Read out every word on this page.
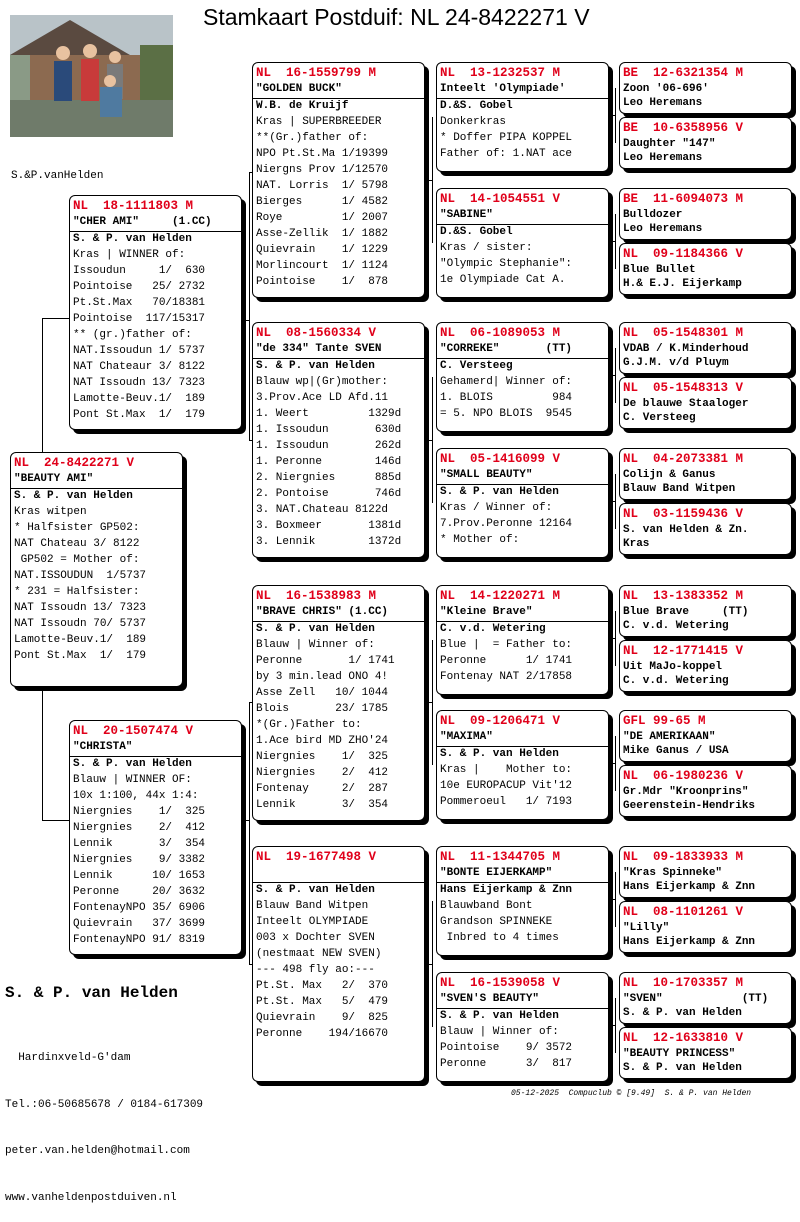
Stamkaart Postduif: NL 24-8422271 V
S.&P.vanHelden
NL  24-8422271 V
"BEAUTY AMI"
S. & P. van Helden
Kras witpen
* Halfsister GP502:
NAT Chateau 3/ 8122
GP502 = Mother of:
NAT.ISSOUDUN  1/5737
* 231 = Halfsister:
NAT Issoudn 13/ 7323
NAT Issoudn 70/ 5737
Lamotte-Beuv.1/  189
Pont St.Max  1/  179
NL  18-1111803 M
"CHER AMI"     (1.CC)
S. & P. van Helden
Kras | WINNER of:
Issoudun     1/  630
Pointoise   25/ 2732
Pt.St.Max   70/18381
Pointoise  117/15317
** (gr.)father of:
NAT.Issoudun 1/ 5737
NAT Chateaur 3/ 8122
NAT Issoudn 13/ 7323
Lamotte-Beuv.1/  189
Pont St.Max  1/  179
NL  20-1507474 V
"CHRISTA"
S. & P. van Helden
Blauw | WINNER OF:
10x 1:100, 44x 1:4:
Niergnies    1/  325
Niergnies    2/  412
Lennik       3/  354
Niergnies    9/ 3382
Lennik      10/ 1653
Peronne     20/ 3632
FontenayNPO 35/ 6906
Quievrain   37/ 3699
FontenayNPO 91/ 8319
NL  16-1559799 M
"GOLDEN BUCK"
W.B. de Kruijf
Kras | SUPERBREEDER
**(Gr.)father of:
NPO Pt.St.Ma 1/19399
Niergns Prov 1/12570
NAT. Lorris  1/ 5798
Bierges      1/ 4582
Roye         1/ 2007
Asse-Zellik  1/ 1882
Quievrain    1/ 1229
Morlincourt  1/ 1124
Pointoise    1/  878
NL  08-1560334 V
"de 334" Tante SVEN
S. & P. van Helden
Blauw wp|(Gr)mother:
3.Prov.Ace LD Afd.11
1. Weert         1329d
1. Issoudun       630d
1. Issoudun       262d
1. Peronne        146d
2. Niergnies      885d
2. Pontoise       746d
3. NAT.Chateau 8122d
3. Boxmeer       1381d
3. Lennik        1372d
NL  16-1538983 M
"BRAVE CHRIS" (1.CC)
S. & P. van Helden
Blauw | Winner of:
Peronne       1/ 1741
by 3 min.lead ONO 4!
Asse Zell   10/ 1044
Blois       23/ 1785
*(Gr.)Father to:
1.Ace bird MD ZHO'24
Niergnies    1/  325
Niergnies    2/  412
Fontenay     2/  287
Lennik       3/  354
NL  19-1677498 V
S. & P. van Helden
Blauw Band Witpen
Inteelt OLYMPIADE
003 x Dochter SVEN
(nestmaat NEW SVEN)
--- 498 fly ao:---
Pt.St. Max   2/  370
Pt.St. Max   5/  479
Quievrain    9/  825
Peronne    194/16670
NL  13-1232537 M
Inteelt 'Olympiade'
D.&S. Gobel
Donkerkras
* Doffer PIPA KOPPEL
Father of: 1.NAT ace
NL  14-1054551 V
"SABINE"
D.&S. Gobel
Kras / sister:
"Olympic Stephanie":
1e Olympiade Cat A.
NL  06-1089053 M
"CORREKE"       (TT)
C. Versteeg
Gehamerd| Winner of:
1. BLOIS         984
= 5. NPO BLOIS  9545
NL  05-1416099 V
"SMALL BEAUTY"
S. & P. van Helden
Kras / Winner of:
7.Prov.Peronne 12164
* Mother of:
NL  14-1220271 M
"Kleine Brave"
C. v.d. Wetering
Blue |  = Father to:
Peronne      1/ 1741
Fontenay NAT 2/17858
NL  09-1206471 V
"MAXIMA"
S. & P. van Helden
Kras |    Mother to:
10e EUROPACUP Vit'12
Pommeroeul   1/ 7193
NL  11-1344705 M
"BONTE EIJERKAMP"
Hans Eijerkamp & Znn
Blauwband Bont
Grandson SPINNEKE
Inbred to 4 times
NL  16-1539058 V
"SVEN'S BEAUTY"
S. & P. van Helden
Blauw | Winner of:
Pointoise    9/ 3572
Peronne      3/  817
BE  12-6321354 M
Zoon '06-696'
Leo Heremans
BE  10-6358956 V
Daughter "147"
Leo Heremans
BE  11-6094073 M
Bulldozer
Leo Heremans
NL  09-1184366 V
Blue Bullet
H.& E.J. Eijerkamp
NL  05-1548301 M
VDAB / K.Minderhoud
G.J.M. v/d Pluym
NL  05-1548313 V
De blauwe Staaloger
C. Versteeg
NL  04-2073381 M
Colijn & Ganus
Blauw Band Witpen
NL  03-1159436 V
S. van Helden & Zn.
Kras
NL  13-1383352 M
Blue Brave     (TT)
C. v.d. Wetering
NL  12-1771415 V
Uit MaJo-koppel
C. v.d. Wetering
GFL 99-65 M
"DE AMERIKAAN"
Mike Ganus / USA
NL  06-1980236 V
Gr.Mdr "Kroonprins"
Geerenstein-Hendriks
NL  09-1833933 M
"Kras Spinneke"
Hans Eijerkamp & Znn
NL  08-1101261 V
"Lilly"
Hans Eijerkamp & Znn
NL  10-1703357 M
"SVEN"            (TT)
S. & P. van Helden
NL  12-1633810 V
"BEAUTY PRINCESS"
S. & P. van Helden
S. & P. van Helden

Hardinxveld-G'dam

Tel.:06-50685678 / 0184-617309

peter.van.helden@hotmail.com

www.vanheldenpostduiven.nl

05-12-2025  Compuclub © [9.49]  S. & P. van Helden
